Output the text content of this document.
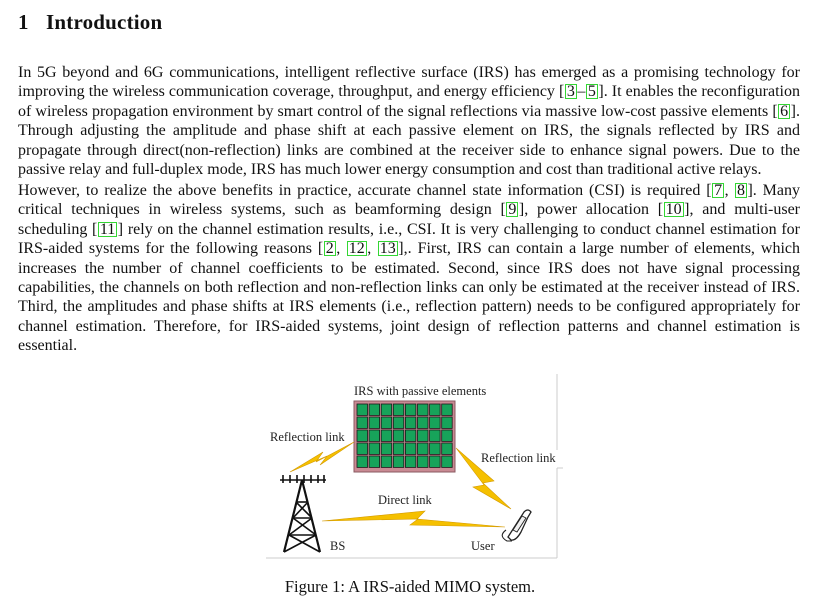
1 Introduction

In 5G beyond and 6G communications, intelligent reflective surface (IRS) has emerged as a promising technology for improving the wireless communication coverage, throughput, and energy efficiency [ 3 – 5 ]. It enables the reconfiguration of wireless propagation environment by smart control of the signal reflections via massive low-cost passive elements [ 6 ]. Through adjusting the amplitude and phase shift at each passive element on IRS, the signals reflected by IRS and propagate through direct(non-reflection) links are combined at the receiver side to enhance signal powers. Due to the passive relay and full-duplex mode, IRS has much lower energy consumption and cost than traditional active relays.

However, to realize the above benefits in practice, accurate channel state information (CSI) is required [ 7 , 8 ]. Many critical techniques in wireless systems, such as beamforming design [ 9 ], power allocation [ 10 ], and multi-user scheduling [ 11 ] rely on the channel estimation results, i.e., CSI. It is very challenging to conduct channel estimation for IRS-aided systems for the following reasons [ 2 , 12 , 13 ],. First, IRS can contain a large number of elements, which increases the number of channel coefficients to be estimated. Second, since IRS does not have signal processing capabilities, the channels on both reflection and non-reflection links can only be estimated at the receiver instead of IRS. Third, the amplitudes and phase shifts at IRS elements (i.e., reflection pattern) needs to be configured appropriately for channel estimation. Therefore, for IRS-aided systems, joint design of reflection patterns and channel estimation is essential.

IRS with passive elements
Reflection link
Reflection link
Direct link
BS	User

Figure 1: A IRS-aided MIMO system.
